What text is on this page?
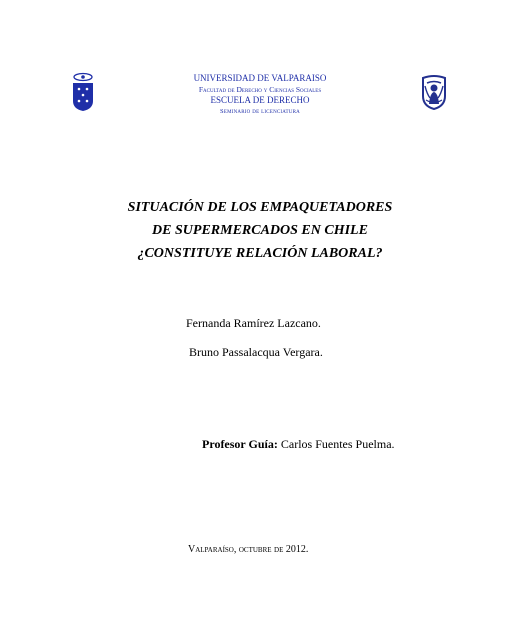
UNIVERSIDAD DE VALPARAISO
Facultad de Derecho y Ciencias Sociales
ESCUELA DE DERECHO
Seminario de licenciatura
SITUACIÓN DE LOS EMPAQUETADORES
DE SUPERMERCADOS EN CHILE
¿CONSTITUYE RELACIÓN LABORAL?
Fernanda Ramírez Lazcano.
Bruno Passalacqua Vergara.
Profesor Guía: Carlos Fuentes Puelma.
Valparaíso, octubre de 2012.
